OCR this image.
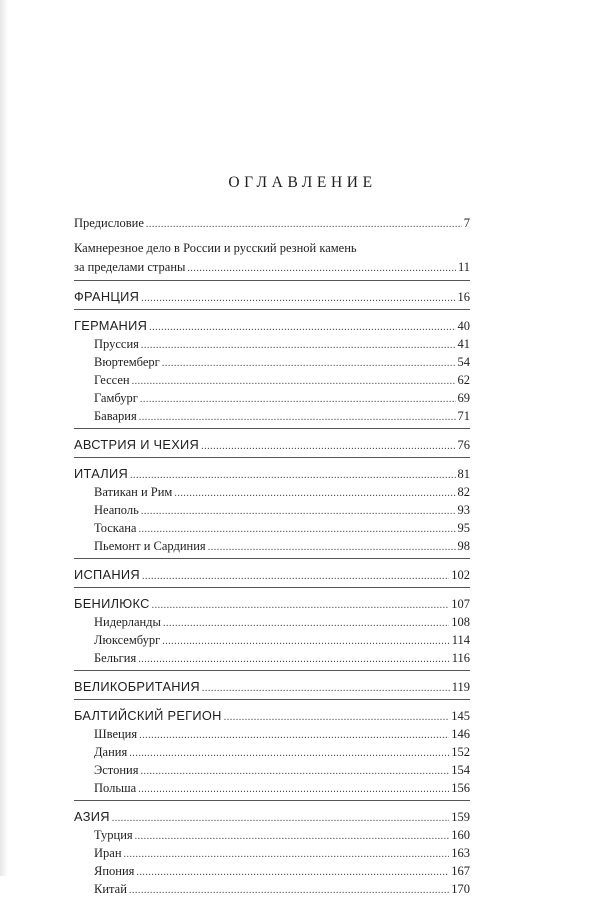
ОГЛАВЛЕНИЕ
Предисловие .....	7
Камнерезное дело в России и русский резной камень
за пределами страны .....	11
ФРАНЦИЯ .....	16
ГЕРМАНИЯ .....	40
Пруссия .....	41
Вюртемберг .....	54
Гессен .....	62
Гамбург .....	69
Бавария .....	71
АВСТРИЯ И ЧЕХИЯ .....	76
ИТАЛИЯ .....	81
Ватикан и Рим .....	82
Неаполь .....	93
Тоскана .....	95
Пьемонт и Сардиния .....	98
ИСПАНИЯ .....	102
БЕНИЛЮКС .....	107
Нидерланды .....	108
Люксембург .....	114
Бельгия .....	116
ВЕЛИКОБРИТАНИЯ .....	119
БАЛТИЙСКИЙ РЕГИОН .....	145
Швеция .....	146
Дания .....	152
Эстония .....	154
Польша .....	156
АЗИЯ .....	159
Турция .....	160
Иран .....	163
Япония .....	167
Китай .....	170
